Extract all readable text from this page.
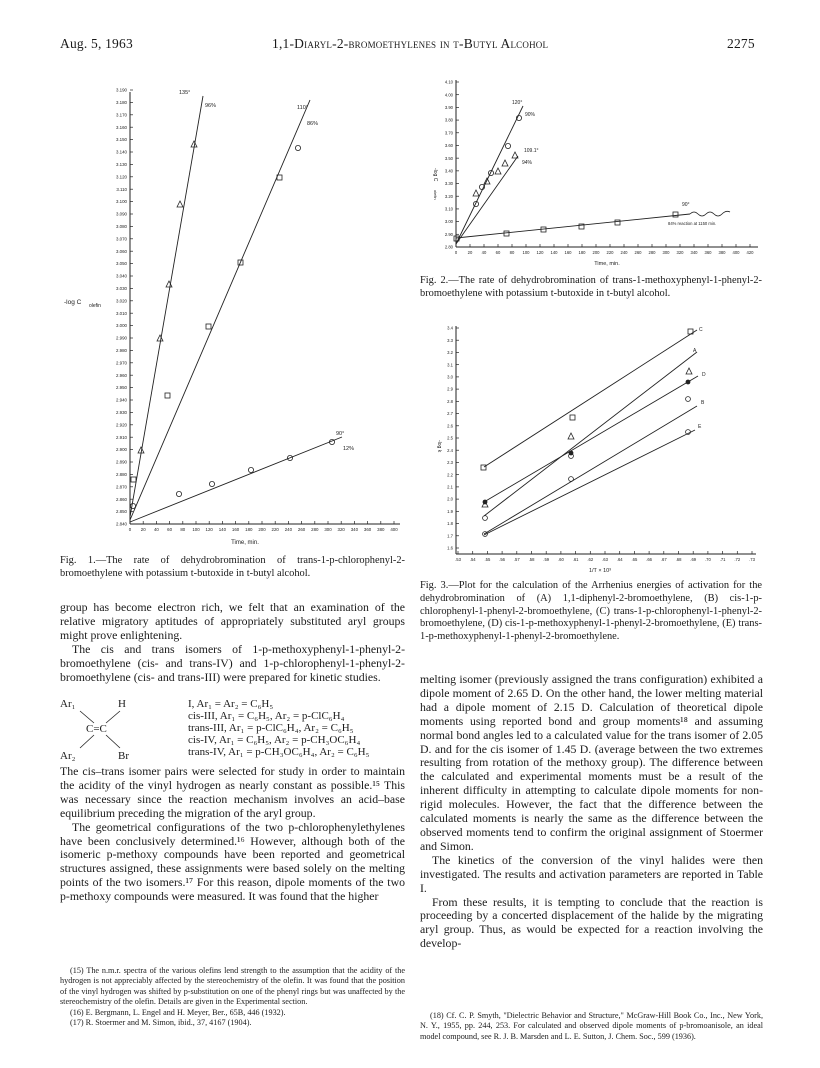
Aug. 5, 1963	1,1-Diaryl-2-bromoethylenes in t-Butyl Alcohol	2275
3.190
3.180
3.170
3.160
3.150
3.140
3.130
3.120
3.110
3.100
3.090
3.080
3.070
3.060
3.050
3.040
3.030
3.020
3.010
3.000
2.990
2.980
2.970
2.960
2.950
2.940
2.930
2.920
2.910
2.900
2.890
2.880
2.870
2.860
2.850
2.840
0 20 40 60 80 100 120 140 160 180 200 220 240 260 280 300 320 340 360 380 400
-log C olefin
Time, min.
135°
96%	110°
86%
90°
12%
Fig. 1.—The rate of dehydrobromination of trans-1-p-chlorophenyl-2-bromoethylene with potassium t-butoxide in t-butyl alcohol.
4.10
4.00
3.90
3.80
3.70
3.60
3.50
3.40
3.30
3.20
3.10
3.00
2.90
2.80
0 20 40 60 80 100 120 140 160 180 200 220 240 260 280 300 320 340 360 380 400 420
-log C
olefin
Time, min.
120°
90%
109.1°
94%
90°
84% reaction at 1150 min.
Fig. 2.—The rate of dehydrobromination of trans-1-methoxyphenyl-1-phenyl-2-bromoethylene with potassium t-butoxide in t-butyl alcohol.
3.4
3.3
3.2
3.1
3.0
2.9
2.8
2.7
2.6
2.5
2.4
2.3
2.2
2.1
2.0
1.9
1.8
1.7
1.6
.53 .54 .55 .56 .57 .58 .59 .60 .61 .62 .63 .64 .65 .66 .67 .68 .69 .70 .71 .72 .73
-log k
1/T × 10³
C
D
A
B
E
Fig. 3.—Plot for the calculation of the Arrhenius energies of activation for the dehydrobromination of (A) 1,1-diphenyl-2-bromoethylene, (B) cis-1-p-chlorophenyl-1-phenyl-2-bromoethylene, (C) trans-1-p-chlorophenyl-1-phenyl-2-bromoethylene, (D) cis-1-p-methoxyphenyl-1-phenyl-2-bromoethylene, (E) trans-1-p-methoxyphenyl-1-phenyl-2-bromoethylene.

group has become electron rich, we felt that an examination of the relative migratory aptitudes of appropriately substituted aryl groups might prove enlightening.

The cis and trans isomers of 1-p-methoxyphenyl-1-phenyl-2-bromoethylene (cis- and trans-IV) and 1-p-chlorophenyl-1-phenyl-2-bromoethylene (cis- and trans-III) were prepared for kinetic studies.

Ar₁	H
C=C
Ar₂	Br
I, Ar₁ = Ar₂ = C₆H₅
cis-III, Ar₁ = C₆H₅, Ar₂ = p-ClC₆H₄
trans-III, Ar₁ = p-ClC₆H₄, Ar₂ = C₆H₅
cis-IV, Ar₁ = C₆H₅, Ar₂ = p-CH₃OC₆H₄
trans-IV, Ar₁ = p-CH₃OC₆H₄, Ar₂ = C₆H₅

The cis–trans isomer pairs were selected for study in order to maintain the acidity of the vinyl hydrogen as nearly constant as possible.¹⁵ This was necessary since the reaction mechanism involves an acid–base equilibrium preceding the migration of the aryl group.

The geometrical configurations of the two p-chlorophenylethylenes have been conclusively determined.¹⁶ However, although both of the isomeric p-methoxy compounds have been reported and geometrical structures assigned, these assignments were based solely on the melting points of the two isomers.¹⁷ For this reason, dipole moments of the two p-methoxy compounds were measured. It was found that the higher

(15) The n.m.r. spectra of the various olefins lend strength to the assumption that the acidity of the hydrogen is not appreciably affected by the stereochemistry of the olefin. It was found that the position of the vinyl hydrogen was shifted by p-substitution on one of the phenyl rings but was unaffected by the stereochemistry of the olefin. Details are given in the Experimental section.

(16) E. Bergmann, L. Engel and H. Meyer, Ber., 65B, 446 (1932).

(17) R. Stoermer and M. Simon, ibid., 37, 4167 (1904).

melting isomer (previously assigned the trans configuration) exhibited a dipole moment of 2.65 D. On the other hand, the lower melting material had a dipole moment of 2.15 D. Calculation of theoretical dipole moments using reported bond and group moments¹⁸ and assuming normal bond angles led to a calculated value for the trans isomer of 2.05 D. and for the cis isomer of 1.45 D. (average between the two extremes resulting from rotation of the methoxy group). The difference between the calculated and experimental moments must be a result of the inherent difficulty in attempting to calculate dipole moments for non-rigid molecules. However, the fact that the difference between the calculated moments is nearly the same as the difference between the observed moments tend to confirm the original assignment of Stoermer and Simon.

The kinetics of the conversion of the vinyl halides were then investigated. The results and activation parameters are reported in Table I.

From these results, it is tempting to conclude that the reaction is proceeding by a concerted displacement of the halide by the migrating aryl group. Thus, as would be expected for a reaction involving the develop-

(18) Cf. C. P. Smyth, "Dielectric Behavior and Structure," McGraw-Hill Book Co., Inc., New York, N. Y., 1955, pp. 244, 253. For calculated and observed dipole moments of p-bromoanisole, an ideal model compound, see R. J. B. Marsden and L. E. Sutton, J. Chem. Soc., 599 (1936).
